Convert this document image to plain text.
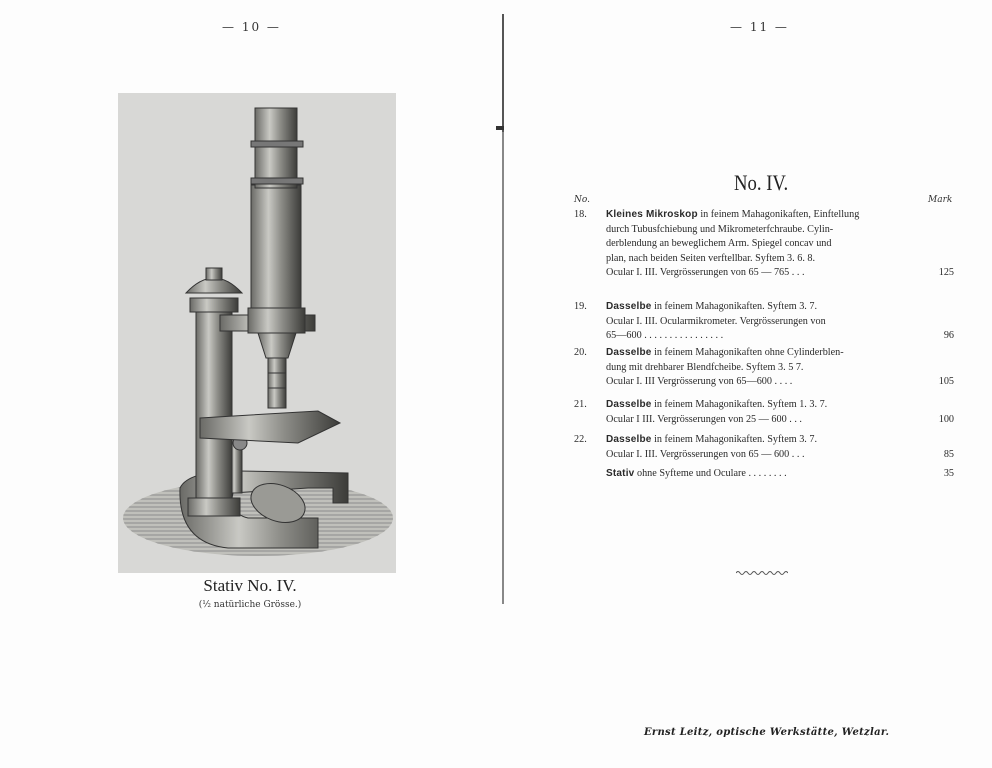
— 10 —
Stativ No. IV.
(½ natürliche Grösse.)
— 11 —
No. IV.
No.	Mark
18. Kleines Mikroskop in feinem Mahagonikaften, Einftellung
durch Tubusfchiebung und Mikrometerfchraube. Cylin-
derblendung an beweglichem Arm. Spiegel concav und
plan, nach beiden Seiten verftellbar. Syftem 3. 6. 8.
Ocular I. III. Vergrösserungen von 65 — 765 . . .	125
19. Dasselbe in feinem Mahagonikaften. Syftem 3. 7.
Ocular I. III. Ocularmikrometer. Vergrösserungen von
65—600 . . . . . . . . . . . . . . . .	96
20. Dasselbe in feinem Mahagonikaften ohne Cylinderblen-
dung mit drehbarer Blendfcheibe. Syftem 3. 5 7.
Ocular I. III Vergrösserung von 65—600 . . . .	105
21. Dasselbe in feinem Mahagonikaften. Syftem 1. 3. 7.
Ocular I III. Vergrösserungen von 25 — 600 . . .	100
22. Dasselbe in feinem Mahagonikaften. Syftem 3. 7.
Ocular I. III. Vergrösserungen von 65 — 600 . . .	85
Stativ ohne Syfteme und Oculare . . . . . . . .	35
Ernst Leitz, optische Werkstätte, Wetzlar.
